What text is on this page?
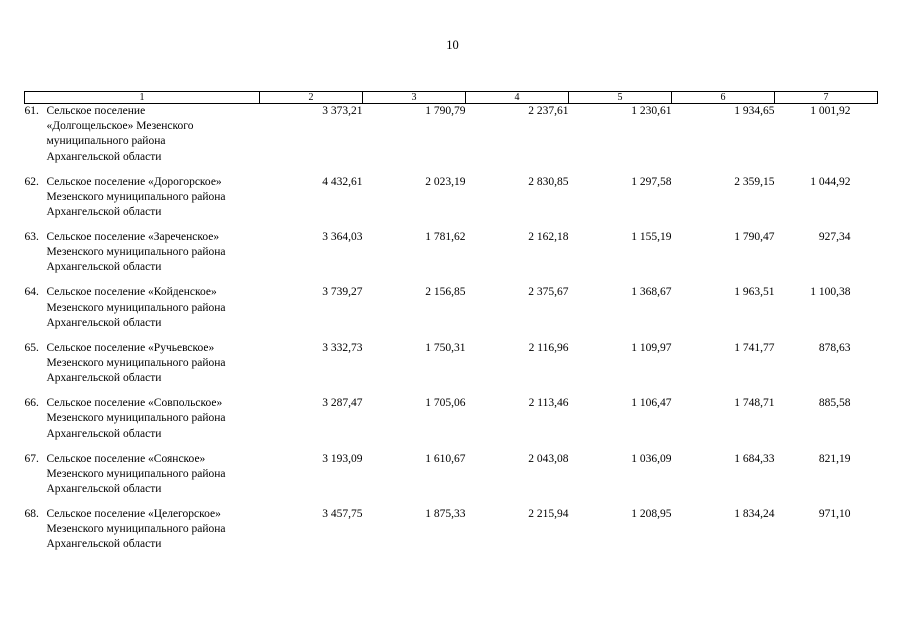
10
1	2	3	4	5	6	7

61. Сельское поселение
«Долгощельское» Мезенского
муниципального района
Архангельской области	3 373,21	1 790,79	2 237,61	1 230,61	1 934,65	1 001,92

62. Сельское поселение «Дорогорское»
Мезенского муниципального района
Архангельской области	4 432,61	2 023,19	2 830,85	1 297,58	2 359,15	1 044,92

63. Сельское поселение «Зареченское»
Мезенского муниципального района
Архангельской области	3 364,03	1 781,62	2 162,18	1 155,19	1 790,47	927,34

64. Сельское поселение «Койденское»
Мезенского муниципального района
Архангельской области	3 739,27	2 156,85	2 375,67	1 368,67	1 963,51	1 100,38

65. Сельское поселение «Ручьевское»
Мезенского муниципального района
Архангельской области	3 332,73	1 750,31	2 116,96	1 109,97	1 741,77	878,63

66. Сельское поселение «Совпольское»
Мезенского муниципального района
Архангельской области	3 287,47	1 705,06	2 113,46	1 106,47	1 748,71	885,58

67. Сельское поселение «Соянское»
Мезенского муниципального района
Архангельской области	3 193,09	1 610,67	2 043,08	1 036,09	1 684,33	821,19

68. Сельское поселение «Целегорское»
Мезенского муниципального района
Архангельской области	3 457,75	1 875,33	2 215,94	1 208,95	1 834,24	971,10
